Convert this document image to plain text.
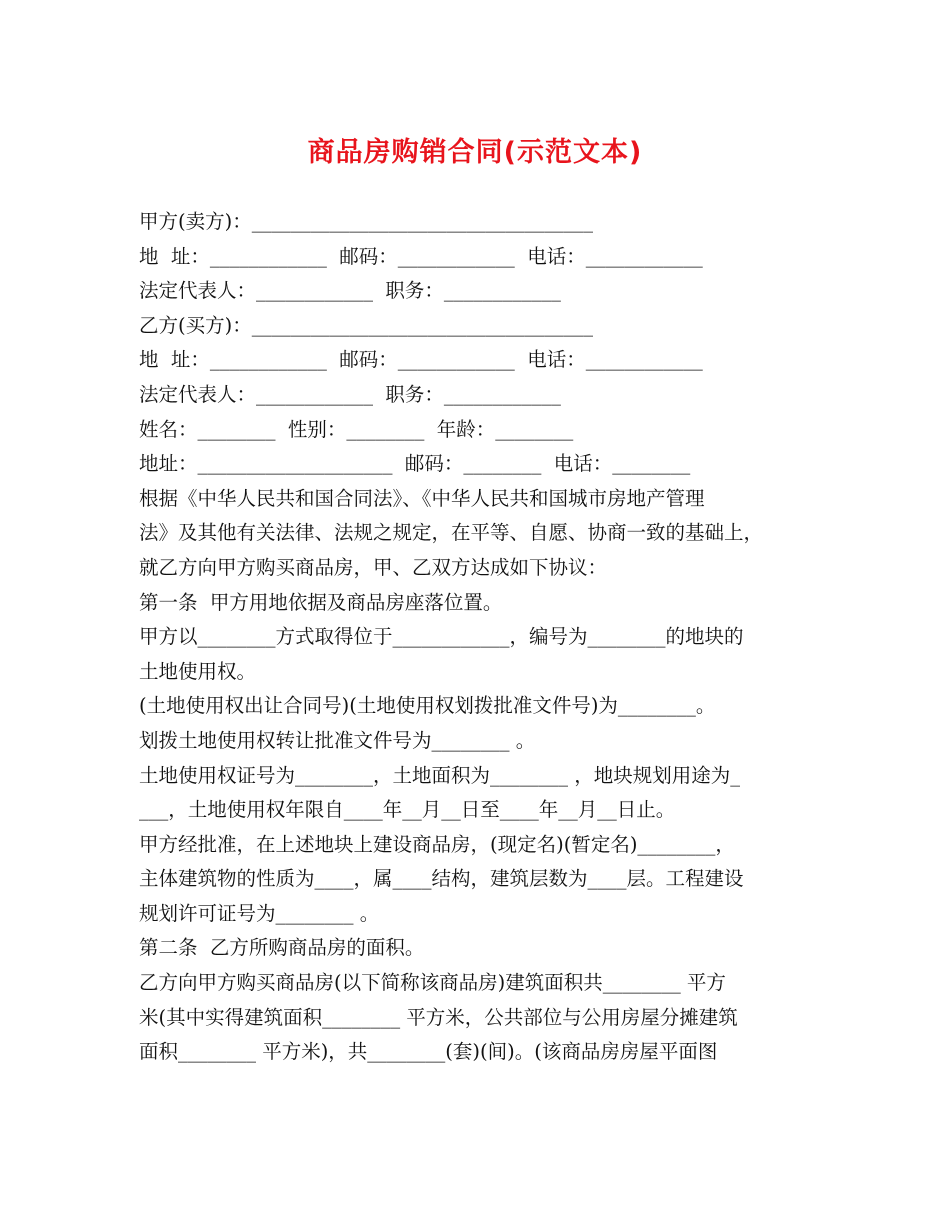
商品房购销合同(示范文本)
甲方(卖方)：___________________________________
地  址：____________  邮码：____________  电话：____________
法定代表人：____________  职务：____________
乙方(买方)：___________________________________
地  址：____________  邮码：____________  电话：____________
法定代表人：____________  职务：____________
姓名：________  性别：________  年龄：________
地址：____________________  邮码：________  电话：________
根据《中华人民共和国合同法》、《中华人民共和国城市房地产管理
法》及其他有关法律、法规之规定，在平等、自愿、协商一致的基础上，
就乙方向甲方购买商品房，甲、乙双方达成如下协议：
第一条  甲方用地依据及商品房座落位置。
甲方以________方式取得位于____________，编号为________的地块的
土地使用权。
(土地使用权出让合同号)(土地使用权划拨批准文件号)为________。
划拨土地使用权转让批准文件号为________ 。
土地使用权证号为________，土地面积为________ ，地块规划用途为_
___，土地使用权年限自____年__月__日至____年__月__日止。
甲方经批准，在上述地块上建设商品房，(现定名)(暂定名)________，
主体建筑物的性质为____，属____结构，建筑层数为____层。工程建设
规划许可证号为________ 。
第二条  乙方所购商品房的面积。
乙方向甲方购买商品房(以下简称该商品房)建筑面积共________ 平方
米(其中实得建筑面积________ 平方米，公共部位与公用房屋分摊建筑
面积________ 平方米)，共________(套)(间)。(该商品房房屋平面图
